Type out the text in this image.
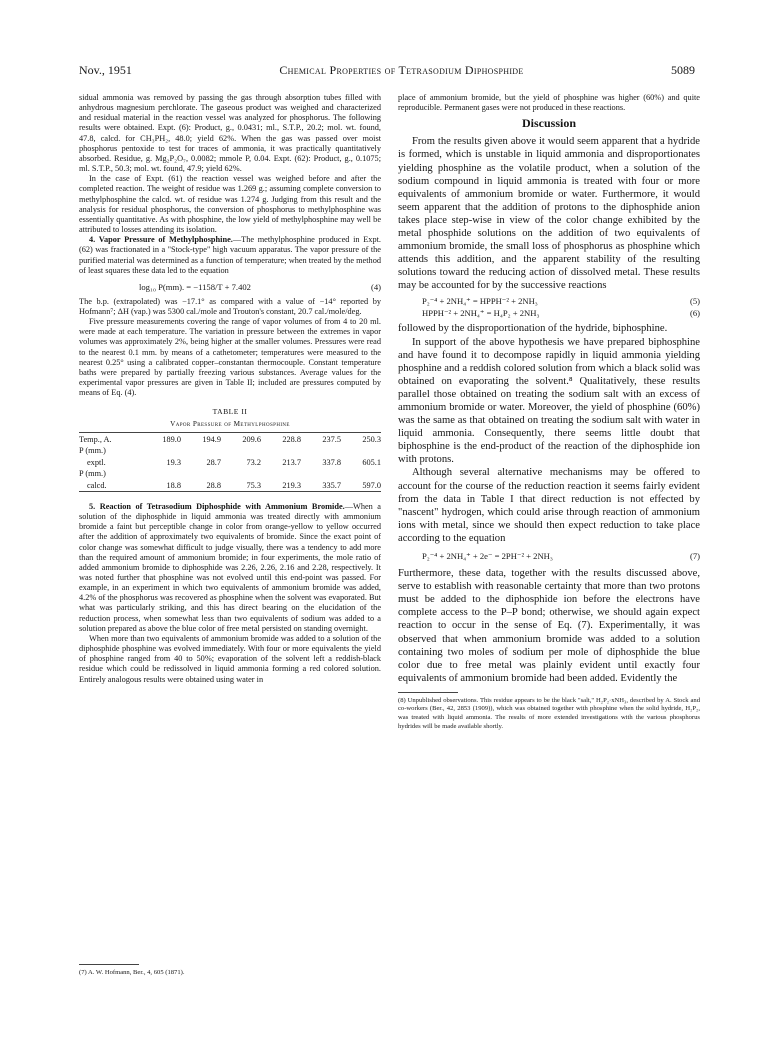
Nov., 1951	Chemical Properties of Tetrasodium Diphosphide	5089

sidual ammonia was removed by passing the gas through absorption tubes filled with anhydrous magnesium perchlorate. The gaseous product was weighed and characterized and residual material in the reaction vessel was analyzed for phosphorus. The following results were obtained. Expt. (6): Product, g., 0.0431; ml., S.T.P., 20.2; mol. wt. found, 47.8, calcd. for CH₃PH₂, 48.0; yield 62%. When the gas was passed over moist phosphorus pentoxide to test for traces of ammonia, it was practically quantitatively absorbed. Residue, g. Mg₂P₂O₇, 0.0082; mmole P, 0.04. Expt. (62): Product, g., 0.1075; ml. S.T.P., 50.3; mol. wt. found, 47.9; yield 62%.

In the case of Expt. (61) the reaction vessel was weighed before and after the completed reaction. The weight of residue was 1.269 g.; assuming complete conversion to methylphosphine the calcd. wt. of residue was 1.274 g. Judging from this result and the analysis for residual phosphorus, the conversion of phosphorus to methylphosphine was essentially quantitative. As with phosphine, the low yield of methylphosphine may well be attributed to losses attending its isolation.

4. Vapor Pressure of Methylphosphine.—The methylphosphine produced in Expt. (62) was fractionated in a "Stock-type" high vacuum apparatus. The vapor pressure of the purified material was determined as a function of temperature; when treated by the method of least squares these data led to the equation

log₁₀ P(mm). = −1158/T + 7.402	(4)

The b.p. (extrapolated) was −17.1° as compared with a value of −14° reported by Hofmann⁷; ΔH (vap.) was 5300 cal./mole and Trouton's constant, 20.7 cal./mole/deg.

Five pressure measurements covering the range of vapor volumes of from 4 to 20 ml. were made at each temperature. The variation in pressure between the extremes in vapor volumes was approximately 2%, being higher at the smaller volumes. Pressures were read to the nearest 0.1 mm. by means of a cathetometer; temperatures were measured to the nearest 0.25° using a calibrated copper–constantan thermocouple. Constant temperature baths were prepared by partially freezing various substances. Average values for the experimental vapor pressures are given in Table II; included are pressures computed by means of Eq. (4).

TABLE II
Vapor Pressure of Methylphosphine
Temp., A.	189.0	194.9	209.6	228.8	237.5	250.3
P (mm.)						
exptl.	19.3	28.7	73.2	213.7	337.8	605.1
P (mm.)						
calcd.	18.8	28.8	75.3	219.3	335.7	597.0

5. Reaction of Tetrasodium Diphosphide with Ammonium Bromide.—When a solution of the diphosphide in liquid ammonia was treated directly with ammonium bromide a faint but perceptible change in color from orange-yellow to yellow occurred after the addition of approximately two equivalents of bromide. Since the exact point of color change was somewhat difficult to judge visually, there was a tendency to add more than the required amount of ammonium bromide; in four experiments, the mole ratio of added ammonium bromide to diphosphide was 2.26, 2.26, 2.16 and 2.28, respectively. It was noted further that phosphine was not evolved until this end-point was passed. For example, in an experiment in which two equivalents of ammonium bromide was added, 4.2% of the phosphorus was recovered as phosphine when the solvent was evaporated. But what was particularly striking, and this has direct bearing on the elucidation of the reduction process, when somewhat less than two equivalents of sodium was added to a solution prepared as above the blue color of free metal persisted on standing overnight.

When more than two equivalents of ammonium bromide was added to a solution of the diphosphide phosphine was evolved immediately. With four or more equivalents the yield of phosphine ranged from 40 to 50%; evaporation of the solvent left a reddish-black residue which could be redissolved in liquid ammonia forming a red colored solution. Entirely analogous results were obtained using water in

(7) A. W. Hofmann, Ber., 4, 605 (1871).

place of ammonium bromide, but the yield of phosphine was higher (60%) and quite reproducible. Permanent gases were not produced in these reactions.

Discussion

From the results given above it would seem apparent that a hydride is formed, which is unstable in liquid ammonia and disproportionates yielding phosphine as the volatile product, when a solution of the sodium compound in liquid ammonia is treated with four or more equivalents of ammonium bromide or water. Furthermore, it would seem apparent that the addition of protons to the diphosphide anion takes place step-wise in view of the color change exhibited by the metal phosphide solutions on the addition of two equivalents of ammonium bromide, the small loss of phosphorus as phosphine which attends this addition, and the apparent stability of the resulting solutions toward the reducing action of dissolved metal. These results may be accounted for by the successive reactions

P₂⁻⁴ + 2NH₄⁺ = HPPH⁻² + 2NH₃	(5)
HPPH⁻² + 2NH₄⁺ = H₄P₂ + 2NH₃	(6)

followed by the disproportionation of the hydride, biphosphine.

In support of the above hypothesis we have prepared biphosphine and have found it to decompose rapidly in liquid ammonia yielding phosphine and a reddish colored solution from which a black solid was obtained on evaporating the solvent.⁸ Qualitatively, these results parallel those obtained on treating the sodium salt with an excess of ammonium bromide or water. Moreover, the yield of phosphine (60%) was the same as that obtained on treating the sodium salt with water in liquid ammonia. Consequently, there seems little doubt that biphosphine is the end-product of the reaction of the diphosphide ion with protons.

Although several alternative mechanisms may be offered to account for the course of the reduction reaction it seems fairly evident from the data in Table I that direct reduction is not effected by "nascent" hydrogen, which could arise through reaction of ammonium ions with metal, since we should then expect reduction to take place according to the equation

P₂⁻⁴ + 2NH₄⁺ + 2e⁻ = 2PH⁻² + 2NH₃	(7)

Furthermore, these data, together with the results discussed above, serve to establish with reasonable certainty that more than two protons must be added to the diphosphide ion before the electrons have complete access to the P–P bond; otherwise, we should again expect reaction to occur in the sense of Eq. (7). Experimentally, it was observed that when ammonium bromide was added to a solution containing two moles of sodium per mole of diphosphide the blue color due to free metal was plainly evident until exactly four equivalents of ammonium bromide had been added. Evidently the

(8) Unpublished observations. This residue appears to be the black "salt," H₂P₂·xNH₃, described by A. Stock and co-workers (Ber., 42, 2853 (1909)), which was obtained together with phosphine when the solid hydride, H₂P₂, was treated with liquid ammonia. The results of more extended investigations with the various phosphorus hydrides will be made available shortly.
